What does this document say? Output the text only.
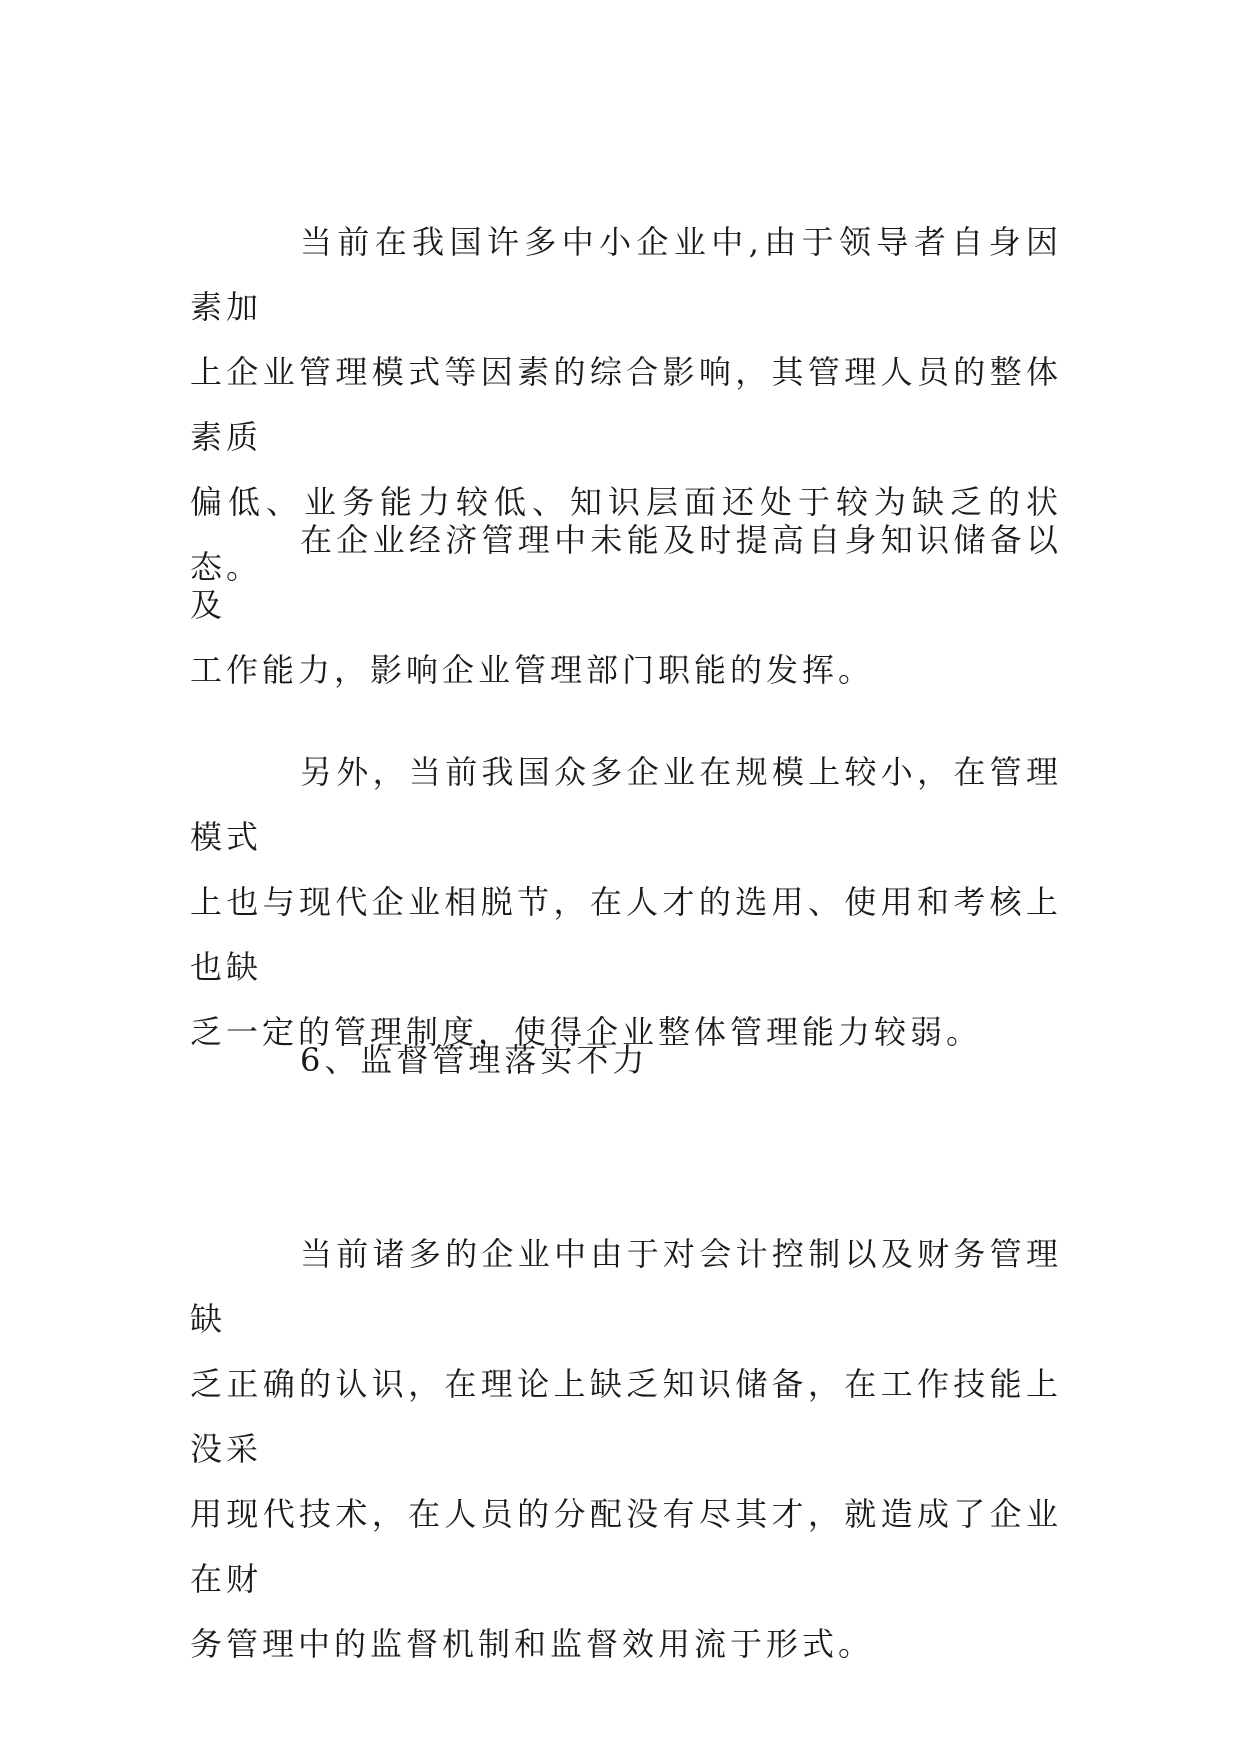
当前在我国许多中小企业中,由于领导者自身因素加
上企业管理模式等因素的综合影响，其管理人员的整体素质
偏低、业务能力较低、知识层面还处于较为缺乏的状态。

在企业经济管理中未能及时提高自身知识储备以及
工作能力，影响企业管理部门职能的发挥。

另外，当前我国众多企业在规模上较小，在管理模式
上也与现代企业相脱节，在人才的选用、使用和考核上也缺
乏一定的管理制度，使得企业整体管理能力较弱。

6、监督管理落实不力

当前诸多的企业中由于对会计控制以及财务管理缺
乏正确的认识，在理论上缺乏知识储备，在工作技能上没采
用现代技术，在人员的分配没有尽其才，就造成了企业在财
务管理中的监督机制和监督效用流于形式。
